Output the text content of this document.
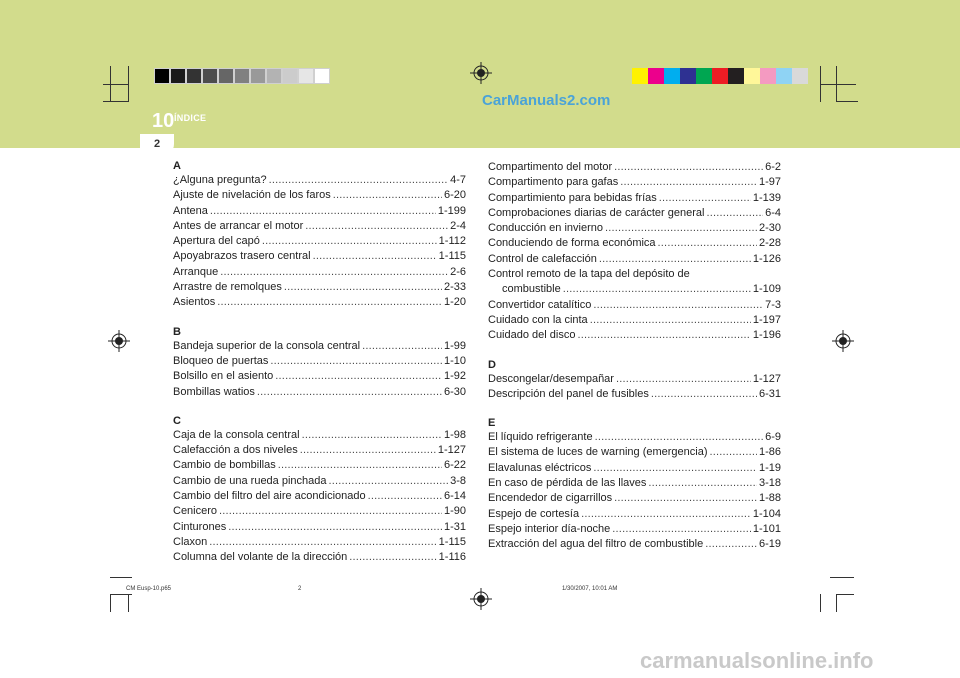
10 ÍNDICE
2
CarManuals2.com
A
¿Alguna pregunta? .....	4-7
Ajuste de nivelación de los faros .....	6-20
Antena .....	1-199
Antes de arrancar el motor .....	2-4
Apertura del capó .....	1-112
Apoyabrazos trasero central .....	1-115
Arranque .....	2-6
Arrastre de remolques .....	2-33
Asientos .....	1-20
B
Bandeja superior de la consola central .....	1-99
Bloqueo de puertas .....	1-10
Bolsillo en el asiento .....	1-92
Bombillas watios .....	6-30
C
Caja de la consola central .....	1-98
Calefacción a dos niveles .....	1-127
Cambio de bombillas .....	6-22
Cambio de una rueda pinchada .....	3-8
Cambio del filtro del aire acondicionado .....	6-14
Cenicero .....	1-90
Cinturones .....	1-31
Claxon .....	1-115
Columna del volante de la dirección .....	1-116
Compartimento del motor .....	6-2
Compartimento para gafas .....	1-97
Compartimiento para bebidas frías .....	1-139
Comprobaciones diarias de carácter general .....	6-4
Conducción en invierno .....	2-30
Conduciendo de forma económica .....	2-28
Control de calefacción .....	1-126
Control remoto de la tapa del depósito de
combustible .....	1-109
Convertidor catalítico .....	7-3
Cuidado con la cinta .....	1-197
Cuidado del disco .....	1-196
D
Descongelar/desempañar .....	1-127
Descripción del panel de fusibles .....	6-31
E
El líquido refrigerante .....	6-9
El sistema de luces de warning (emergencia) .....	1-86
Elavalunas eléctricos .....	1-19
En caso de pérdida de las llaves .....	3-18
Encendedor de cigarrillos .....	1-88
Espejo de cortesía .....	1-104
Espejo interior día-noche .....	1-101
Extracción del agua del filtro de combustible .....	6-19
CM Eusp-10.p65	2	1/30/2007, 10:01 AM
carmanualsonline.info
